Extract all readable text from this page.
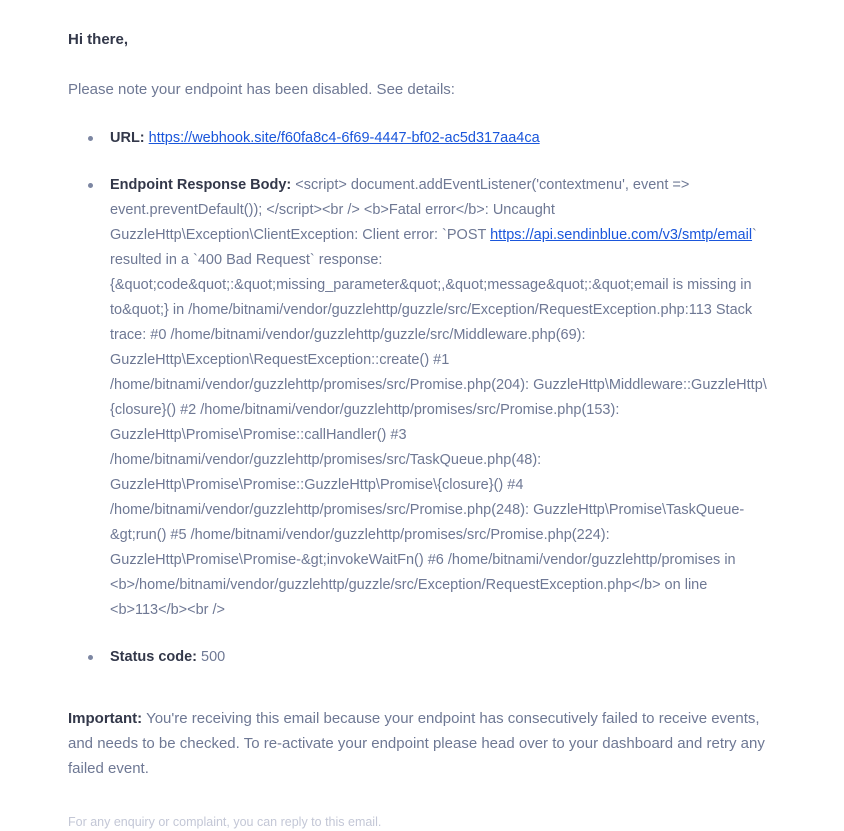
Hi there,

Please note your endpoint has been disabled. See details:

URL: https://webhook.site/f60fa8c4-6f69-4447-bf02-ac5d317aa4ca
Endpoint Response Body: <script> document.addEventListener('contextmenu', event => event.preventDefault()); </script><br /> <b>Fatal error</b>: Uncaught GuzzleHttp\Exception\ClientException: Client error: `POST https://api.sendinblue.com/v3/smtp/email` resulted in a `400 Bad Request` response: {&quot;code&quot;:&quot;missing_parameter&quot;,&quot;message&quot;:&quot;email is missing in to&quot;} in /home/bitnami/vendor/guzzlehttp/guzzle/src/Exception/RequestException.php:113 Stack trace: #0 /home/bitnami/vendor/guzzlehttp/guzzle/src/Middleware.php(69): GuzzleHttp\Exception\RequestException::create() #1 /home/bitnami/vendor/guzzlehttp/promises/src/Promise.php(204): GuzzleHttp\Middleware::GuzzleHttp\{closure}() #2 /home/bitnami/vendor/guzzlehttp/promises/src/Promise.php(153): GuzzleHttp\Promise\Promise::callHandler() #3 /home/bitnami/vendor/guzzlehttp/promises/src/TaskQueue.php(48): GuzzleHttp\Promise\Promise::GuzzleHttp\Promise\{closure}() #4 /home/bitnami/vendor/guzzlehttp/promises/src/Promise.php(248): GuzzleHttp\Promise\TaskQueue-&gt;run() #5 /home/bitnami/vendor/guzzlehttp/promises/src/Promise.php(224): GuzzleHttp\Promise\Promise-&gt;invokeWaitFn() #6 /home/bitnami/vendor/guzzlehttp/promises in <b>/home/bitnami/vendor/guzzlehttp/guzzle/src/Exception/RequestException.php</b> on line <b>113</b><br />
Status code: 500

Important: You're receiving this email because your endpoint has consecutively failed to receive events, and needs to be checked. To re-activate your endpoint please head over to your dashboard and retry any failed event.

For any enquiry or complaint, you can reply to this email.
